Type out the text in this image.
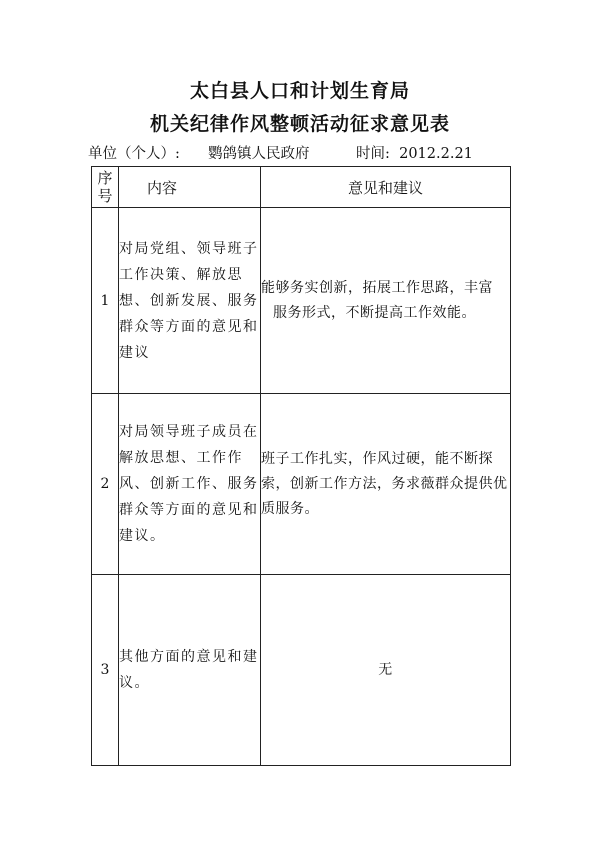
太白县人口和计划生育局
机关纪律作风整顿活动征求意见表
单位（个人）: 鹦鸽镇人民政府	时间: 2012.2.21
序号	内容	意见和建议
1	对局党组、领导班子工作决策、解放思想、创新发展、服务群众等方面的意见和建议	能够务实创新，拓展工作思路，丰富
服务形式，不断提高工作效能。

2	对局领导班子成员在解放思想、工作作风、创新工作、服务群众等方面的意见和建议。	班子工作扎实，作风过硬，能不断探索，创新工作方法，务求薇群众提供优质服务。
3	其他方面的意见和建议。	无
